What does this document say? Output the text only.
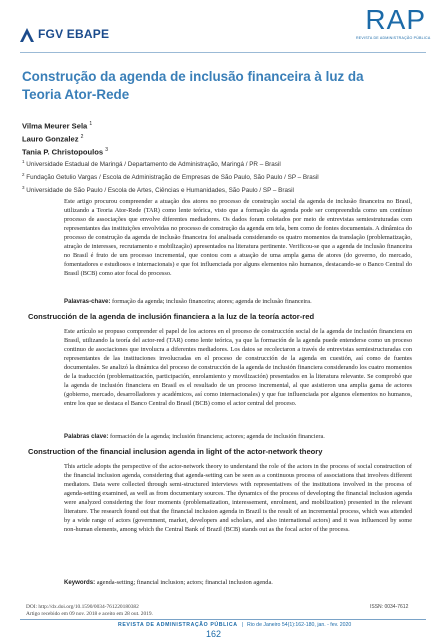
FGV EBAPE	RAP
REVISTA DE ADMINISTRAÇÃO PÚBLICA
Construção da agenda de inclusão financeira à luz da Teoria Ator-Rede
Vilma Meurer Sela $^1$
Lauro Gonzalez $^2$
Tania P. Christopoulos $^3$
$^1$ Universidade Estadual de Maringá / Departamento de Administração, Maringá / PR – Brasil
$^2$ Fundação Getulio Vargas / Escola de Administração de Empresas de São Paulo, São Paulo / SP – Brasil
$^3$ Universidade de São Paulo / Escola de Artes, Ciências e Humanidades, São Paulo / SP – Brasil

Este artigo procurou compreender a atuação dos atores no processo de construção social da agenda de inclusão financeira no Brasil, utilizando a Teoria Ator-Rede (TAR) como lente teórica, visto que a formação da agenda pode ser compreendida como um contínuo processo de associações que envolve diferentes mediadores. Os dados foram coletados por meio de entrevistas semiestruturadas com representantes das instituições envolvidas no processo de construção da agenda em tela, bem como de fontes documentais. A dinâmica do processo de construção da agenda de inclusão financeira foi analisada considerando os quatro momentos da translação (problematização, atração de interesses, recrutamento e mobilização) apresentados na literatura pertinente. Verificou-se que a agenda de inclusão financeira no Brasil é fruto de um processo incremental, que contou com a atuação de uma ampla gama de atores (do governo, do mercado, fomentadores e estudiosos e internacionais) e que foi influenciada por alguns elementos não humanos, destacando-se o Banco Central do Brasil (BCB) como ator focal do processo.

Palavras-chave: formação da agenda; inclusão financeira; atores; agenda de inclusão financeira.
Construcción de la agenda de inclusión financiera a la luz de la teoría actor-red

Este artículo se propuso comprender el papel de los actores en el proceso de construcción social de la agenda de inclusión financiera en Brasil, utilizando la teoría del actor-red (TAR) como lente teórica, ya que la formación de la agenda puede entenderse como un proceso continuo de asociaciones que involucra a diferentes mediadores. Los datos se recolectaron a través de entrevistas semiestructuradas con representantes de las instituciones involucradas en el proceso de construcción de la agenda en cuestión, así como de fuentes documentales. Se analizó la dinámica del proceso de construcción de la agenda de inclusión financiera considerando los cuatro momentos de la traducción (problematización, participación, enrolamiento y movilización) presentados en la literatura relevante. Se comprobó que la agenda de inclusión financiera en Brasil es el resultado de un proceso incremental, al que asistieron una amplia gama de actores (gobierno, mercado, desarrolladores y académicos, así como internacionales) y que fue influenciada por algunos elementos no humanos, entre los que se destaca el Banco Central do Brasil (BCB) como el actor central del proceso.

Palabras clave: formación de la agenda; inclusión financiera; actores; agenda de inclusión financiera.
Construction of the financial inclusion agenda in light of the actor-network theory

This article adopts the perspective of the actor-network theory to understand the role of the actors in the process of social construction of the financial inclusion agenda, considering that agenda-setting can be seen as a continuous process of associations that involves different mediators. Data were collected through semi-structured interviews with representatives of the institutions involved in the process of agenda-setting examined, as well as from documentary sources. The dynamics of the process of developing the financial inclusion agenda were analyzed considering the four moments (problematization, interessement, enrolment, and mobilization) presented in the relevant literature. The research found out that the financial inclusion agenda in Brazil is the result of an incremental process, which was attended by a wide range of actors (government, market, developers and scholars, and also international actors) and it was influenced by some non-human elements, among which the Central Bank of Brazil (BCB) stands out as the focal actor of the process.

Keywords: agenda-setting; financial inclusion; actors; financial inclusion agenda.
DOI: http://dx.doi.org/10.1590/0034-761220180382
Artigo recebido em 09 nov. 2018 e aceito em 28 out. 2019.
ISSN: 0034-7612
REVISTA DE ADMINISTRAÇÃO PÚBLICA | Rio de Janeiro 54(1):162-180, jan. - fev. 2020
162
